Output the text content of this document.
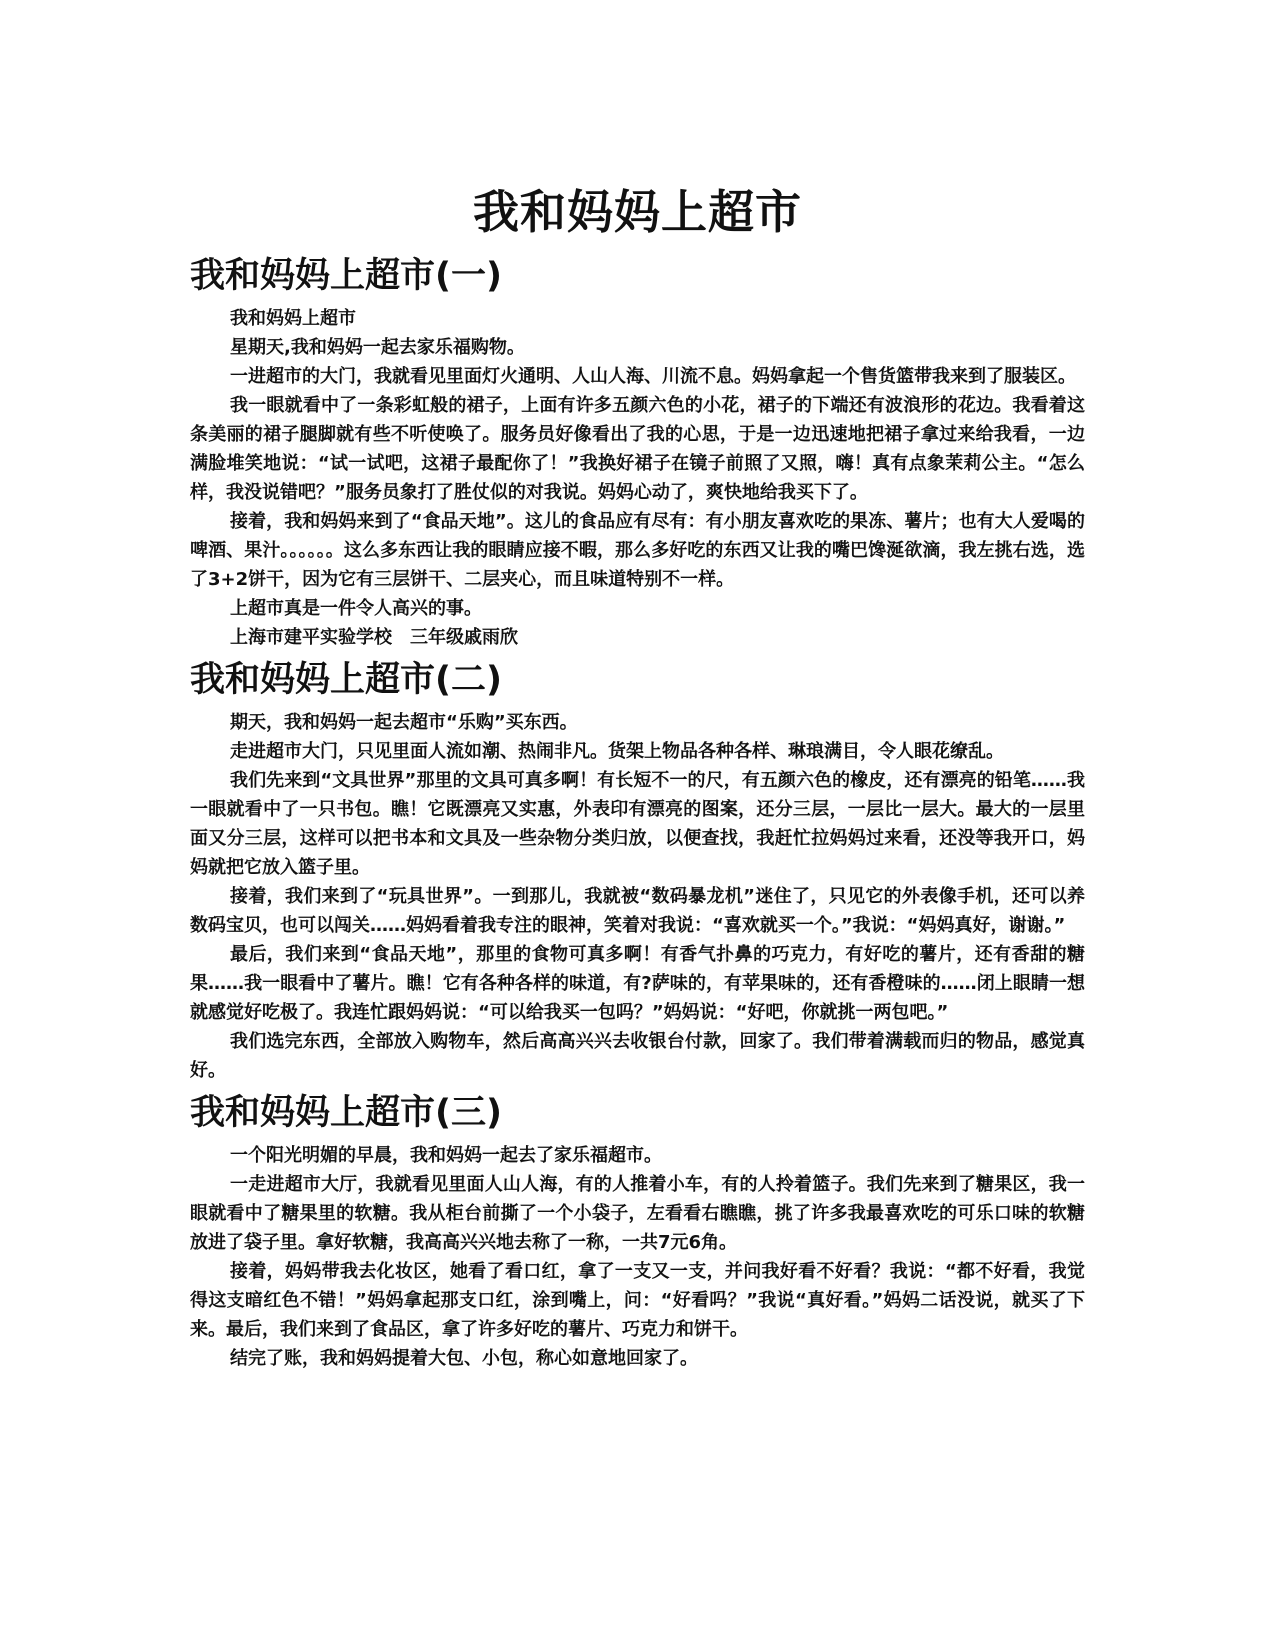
我和妈妈上超市
我和妈妈上超市(一)

我和妈妈上超市

星期天,我和妈妈一起去家乐福购物。

一进超市的大门，我就看见里面灯火通明、人山人海、川流不息。妈妈拿起一个售货篮带我来到了服装区。

我一眼就看中了一条彩虹般的裙子，上面有许多五颜六色的小花，裙子的下端还有波浪形的花边。我看着这条美丽的裙子腿脚就有些不听使唤了。服务员好像看出了我的心思，于是一边迅速地把裙子拿过来给我看，一边满脸堆笑地说：“试一试吧，这裙子最配你了！”我换好裙子在镜子前照了又照，嗨！真有点象茉莉公主。“怎么样，我没说错吧？”服务员象打了胜仗似的对我说。妈妈心动了，爽快地给我买下了。

接着，我和妈妈来到了“食品天地”。这儿的食品应有尽有：有小朋友喜欢吃的果冻、薯片；也有大人爱喝的啤酒、果汁。。。。。。这么多东西让我的眼睛应接不暇，那么多好吃的东西又让我的嘴巴馋涎欲滴，我左挑右选，选了3+2饼干，因为它有三层饼干、二层夹心，而且味道特别不一样。

上超市真是一件令人高兴的事。

上海市建平实验学校　三年级戚雨欣

我和妈妈上超市(二)

期天，我和妈妈一起去超市“乐购”买东西。

走进超市大门，只见里面人流如潮、热闹非凡。货架上物品各种各样、琳琅满目，令人眼花缭乱。

我们先来到“文具世界”那里的文具可真多啊！有长短不一的尺，有五颜六色的橡皮，还有漂亮的铅笔……我一眼就看中了一只书包。瞧！它既漂亮又实惠，外表印有漂亮的图案，还分三层，一层比一层大。最大的一层里面又分三层，这样可以把书本和文具及一些杂物分类归放，以便查找，我赶忙拉妈妈过来看，还没等我开口，妈妈就把它放入篮子里。

接着，我们来到了“玩具世界”。一到那儿，我就被“数码暴龙机”迷住了，只见它的外表像手机，还可以养数码宝贝，也可以闯关……妈妈看着我专注的眼神，笑着对我说：“喜欢就买一个。”我说：“妈妈真好，谢谢。”

最后，我们来到“食品天地”，那里的食物可真多啊！有香气扑鼻的巧克力，有好吃的薯片，还有香甜的糖果……我一眼看中了薯片。瞧！它有各种各样的味道，有?萨味的，有苹果味的，还有香橙味的……闭上眼睛一想就感觉好吃极了。我连忙跟妈妈说：“可以给我买一包吗？”妈妈说：“好吧，你就挑一两包吧。”

我们选完东西，全部放入购物车，然后高高兴兴去收银台付款，回家了。我们带着满载而归的物品，感觉真好。

我和妈妈上超市(三)

一个阳光明媚的早晨，我和妈妈一起去了家乐福超市。

一走进超市大厅，我就看见里面人山人海，有的人推着小车，有的人拎着篮子。我们先来到了糖果区，我一眼就看中了糖果里的软糖。我从柜台前撕了一个小袋子，左看看右瞧瞧，挑了许多我最喜欢吃的可乐口味的软糖放进了袋子里。拿好软糖，我高高兴兴地去称了一称，一共7元6角。

接着，妈妈带我去化妆区，她看了看口红，拿了一支又一支，并问我好看不好看？我说：“都不好看，我觉得这支暗红色不错！”妈妈拿起那支口红，涂到嘴上，问：“好看吗？”我说“真好看。”妈妈二话没说，就买了下来。最后，我们来到了食品区，拿了许多好吃的薯片、巧克力和饼干。

结完了账，我和妈妈提着大包、小包，称心如意地回家了。
